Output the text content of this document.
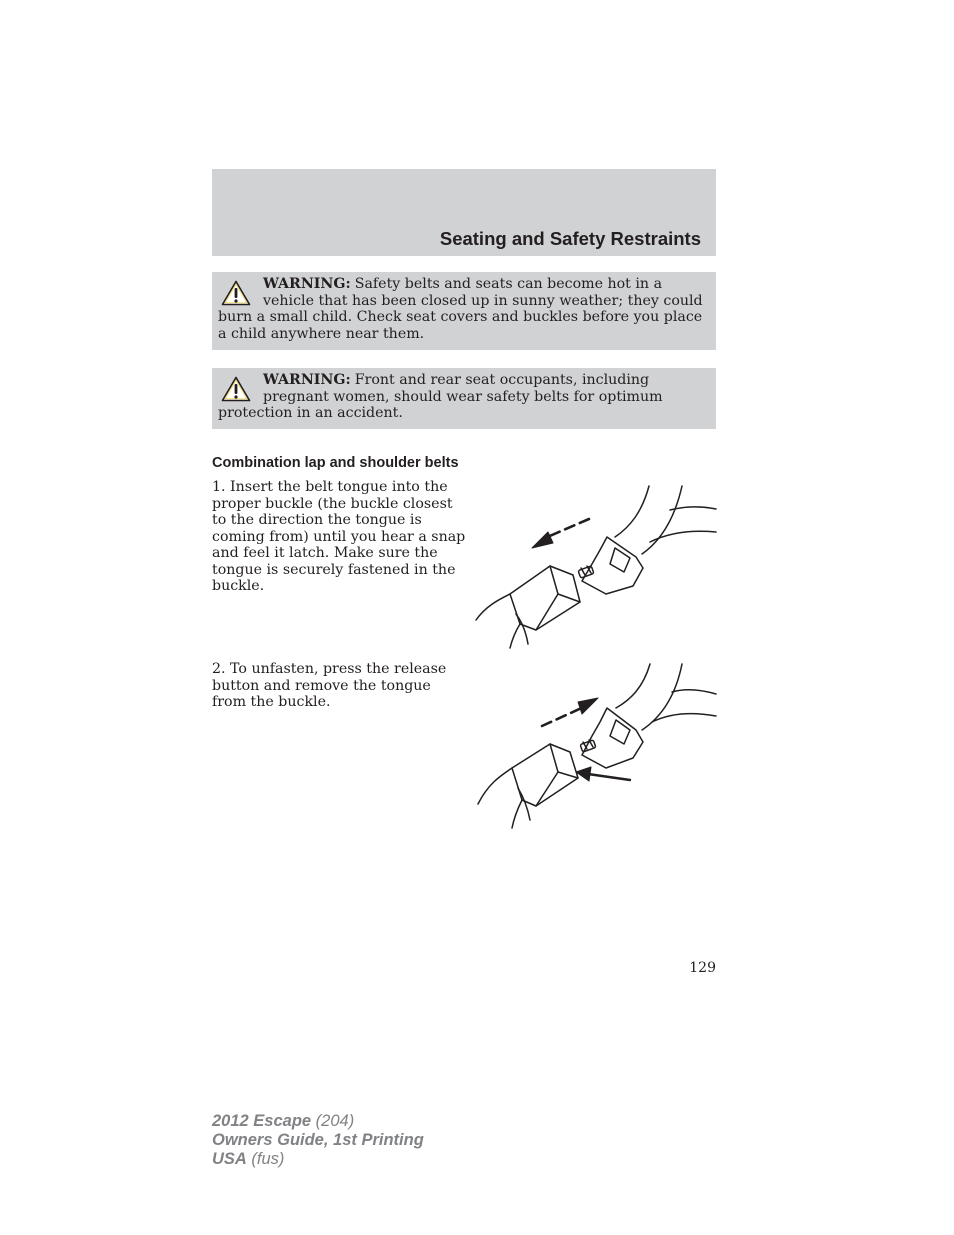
Seating and Safety Restraints
WARNING: Safety belts and seats can become hot in a vehicle that has been closed up in sunny weather; they could burn a small child. Check seat covers and buckles before you place a child anywhere near them.
WARNING: Front and rear seat occupants, including pregnant women, should wear safety belts for optimum protection in an accident.
Combination lap and shoulder belts

1. Insert the belt tongue into the proper buckle (the buckle closest to the direction the tongue is coming from) until you hear a snap and feel it latch. Make sure the tongue is securely fastened in the buckle.

2. To unfasten, press the release button and remove the tongue from the buckle.

129
2012 Escape (204)
Owners Guide, 1st Printing
USA (fus)
